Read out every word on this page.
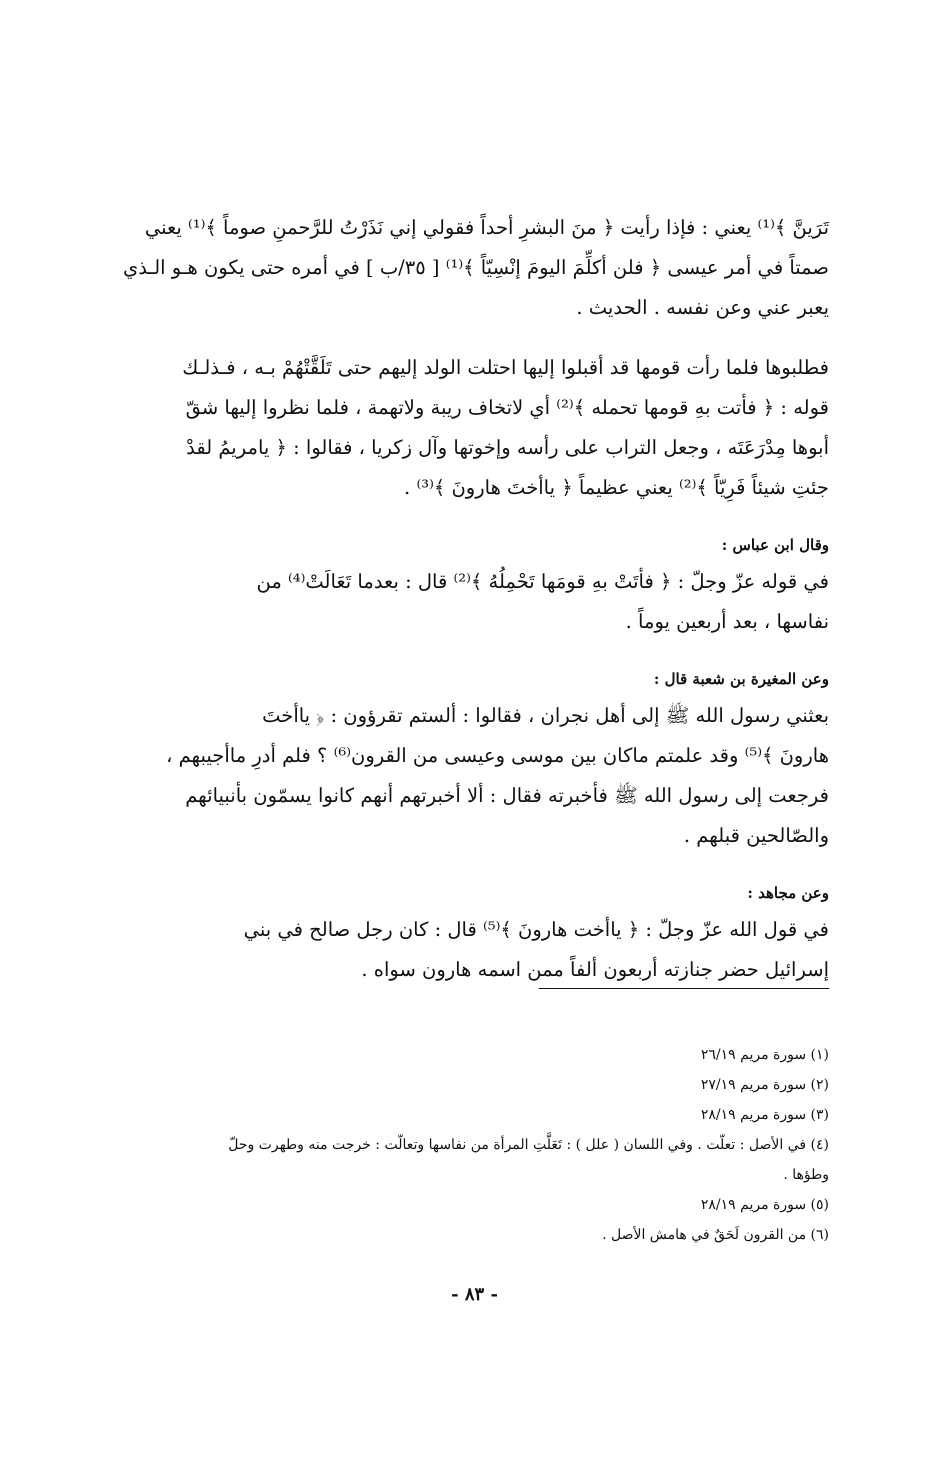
تَرَينَّ ﴾⁽¹⁾ يعني : فإذا رأيت ﴿ منَ البشرِ أحداً فقولي إني نَذَرْتُ للرَّحمنِ صوماً ﴾⁽¹⁾ يعني
صمتاً في أمر عيسى ﴿ فلن أكلِّمَ اليومَ إنْسِيّاً ﴾⁽¹⁾ [ ٣٥/ب ] في أمره حتى يكون هـو الـذي
يعبر عني وعن نفسه . الحديث .

فطلبوها فلما رأت قومها قد أقبلوا إليها احتلت الولد إليهم حتى تَلَقَّتْهُمْ بـه ، فـذلـك
قوله : ﴿ فأتت بهِ قومها تحمله ﴾⁽²⁾ أي لاتخاف ريبة ولاتهمة ، فلما نظروا إليها شقّ
أبوها مِدْرَعَتَه ، وجعل التراب على رأسه وإخوتها وآل زكريا ، فقالوا : ﴿ يامريمُ لقدْ
جئتِ شيئاً فَرِيّاً ﴾⁽²⁾ يعني عظيماً ﴿ ياأختَ هارونَ ﴾⁽³⁾ .

وقال ابن عباس :

في قوله عزّ وجلّ : ﴿ فأتَتْ بهِ قومَها تَحْمِلُهُ ﴾⁽²⁾ قال : بعدما تَعَالَتْ⁽⁴⁾ من
نفاسها ، بعد أربعين يوماً .

وعن المغيرة بن شعبة قال :

بعثني رسول الله ﷺ إلى أهل نجران ، فقالوا : ألستم تقرؤون : ﴿ ياأختَ
هارونَ ﴾⁽⁵⁾ وقد علمتم ماكان بين موسى وعيسى من القرون⁽⁶⁾ ؟ فلم أدرِ ماأجيبهم ،
فرجعت إلى رسول الله ﷺ فأخبرته فقال : ألا أخبرتهم أنهم كانوا يسمّون بأنبيائهم
والصّالحين قبلهم .

وعن مجاهد :

في قول الله عزّ وجلّ : ﴿ ياأخت هارونَ ﴾⁽⁵⁾ قال : كان رجل صالح في بني
إسرائيل حضر جنازته أربعون ألفاً ممن اسمه هارون سواه .

(١) سورة مريم ٢٦/١٩
(٢) سورة مريم ٢٧/١٩
(٣) سورة مريم ٢٨/١٩
(٤) في الأصل : تعلّت . وفي اللسان ( علل ) : تَعَلَّتِ المرأة من نفاسها وتعالّت : خرجت منه وطهرت وحلّ
وطؤها .
(٥) سورة مريم ٢٨/١٩
(٦) من القرون لَحَقٌ في هامش الأصل .
- ٨٣ -
